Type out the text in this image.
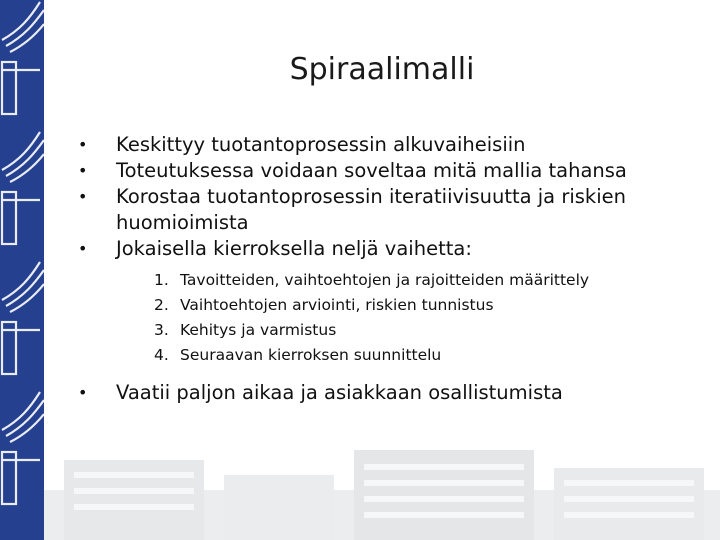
Spiraalimalli
•	Keskittyy tuotantoprosessin alkuvaiheisiin
•	Toteutuksessa voidaan soveltaa mitä mallia tahansa
•	Korostaa tuotantoprosessin iteratiivisuutta ja riskien huomioimista
•	Jokaisella kierroksella neljä vaihetta:
1. Tavoitteiden, vaihtoehtojen ja rajoitteiden määrittely
2. Vaihtoehtojen arviointi, riskien tunnistus
3. Kehitys ja varmistus
4. Seuraavan kierroksen suunnittelu
•	Vaatii paljon aikaa ja asiakkaan osallistumista
